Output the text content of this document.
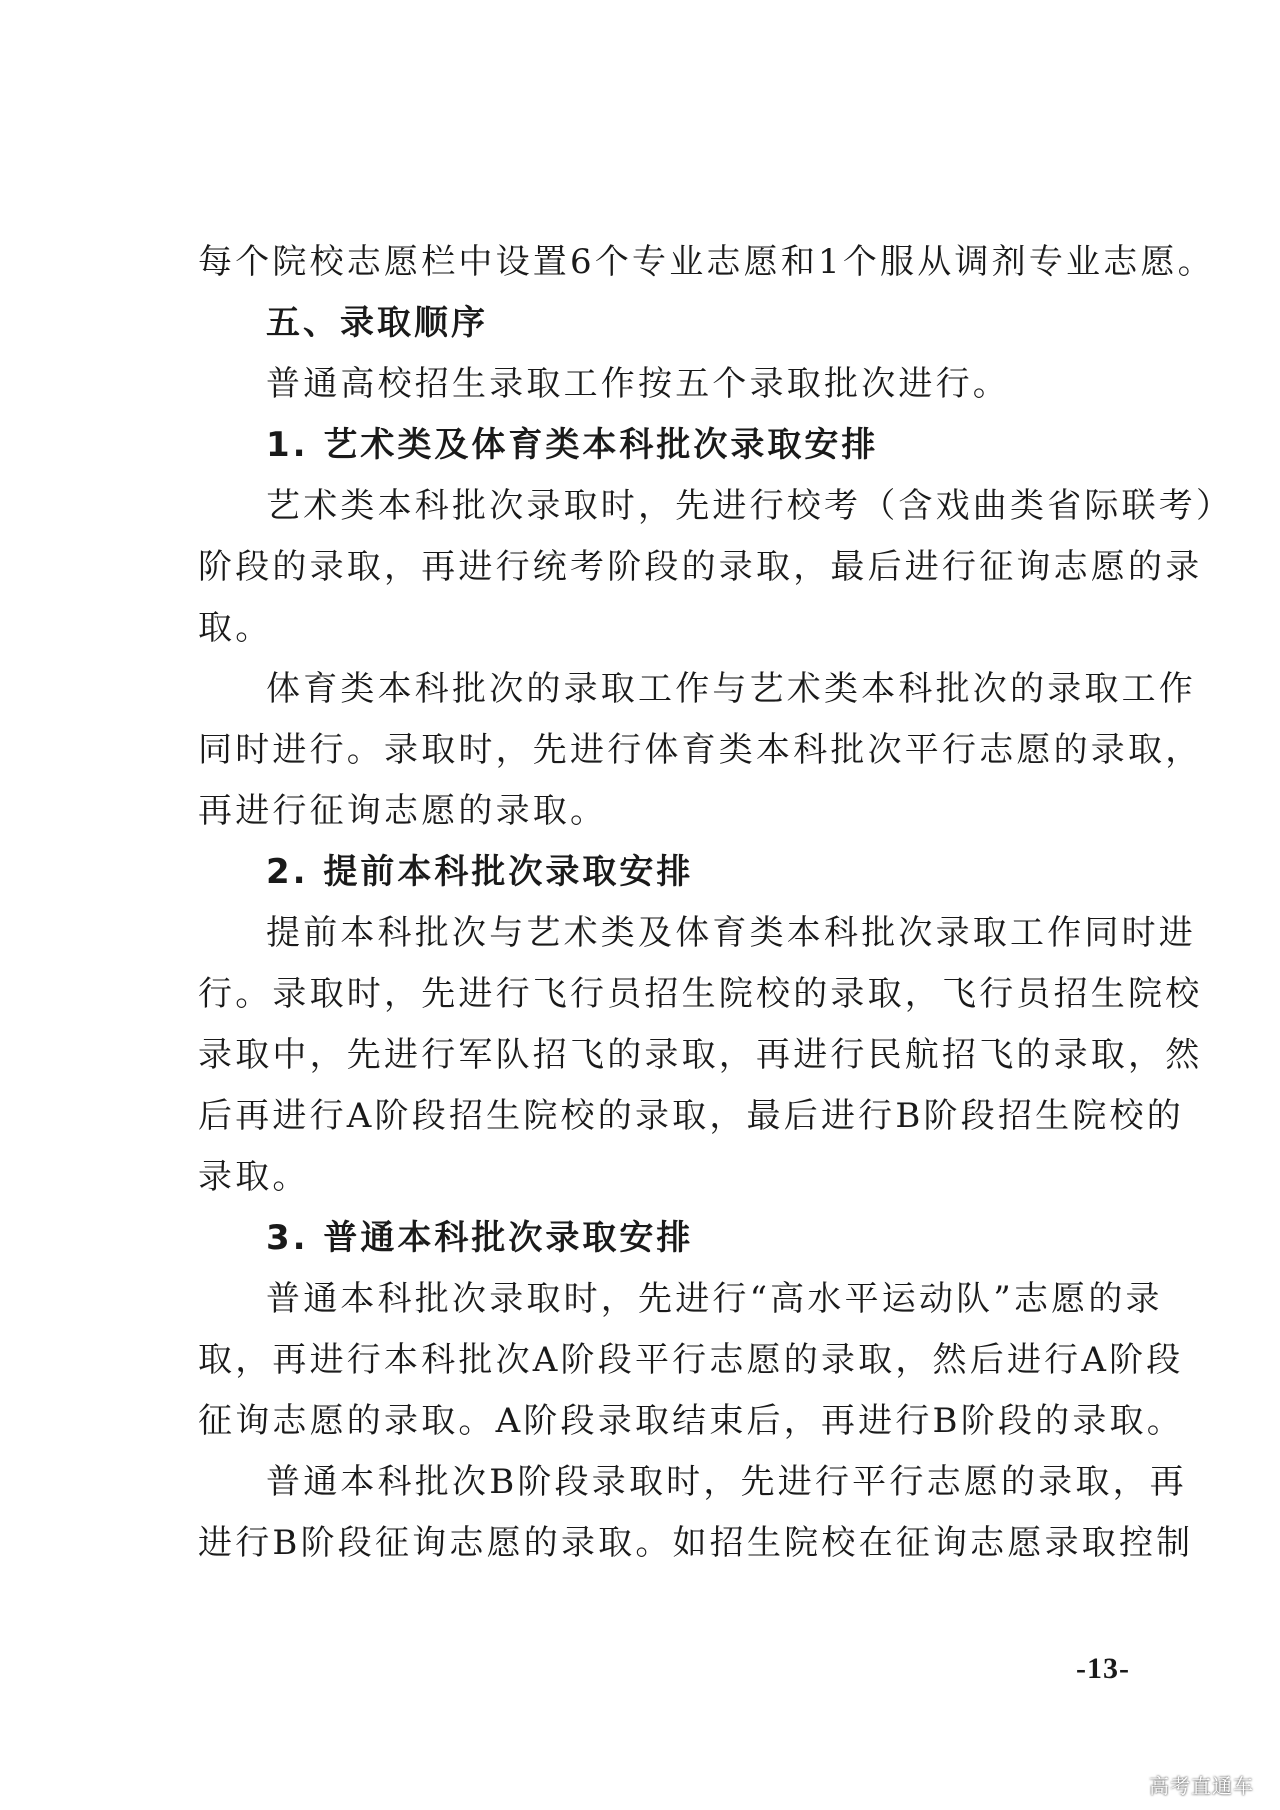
每个院校志愿栏中设置6个专业志愿和1个服从调剂专业志愿。
五、录取顺序
普通高校招生录取工作按五个录取批次进行。
1. 艺术类及体育类本科批次录取安排
艺术类本科批次录取时，先进行校考（含戏曲类省际联考）
阶段的录取，再进行统考阶段的录取，最后进行征询志愿的录
取。
体育类本科批次的录取工作与艺术类本科批次的录取工作
同时进行。录取时，先进行体育类本科批次平行志愿的录取，
再进行征询志愿的录取。
2. 提前本科批次录取安排
提前本科批次与艺术类及体育类本科批次录取工作同时进
行。录取时，先进行飞行员招生院校的录取，飞行员招生院校
录取中，先进行军队招飞的录取，再进行民航招飞的录取，然
后再进行A阶段招生院校的录取，最后进行B阶段招生院校的
录取。
3. 普通本科批次录取安排
普通本科批次录取时，先进行“高水平运动队”志愿的录
取，再进行本科批次A阶段平行志愿的录取，然后进行A阶段
征询志愿的录取。A阶段录取结束后，再进行B阶段的录取。
普通本科批次B阶段录取时，先进行平行志愿的录取，再
进行B阶段征询志愿的录取。如招生院校在征询志愿录取控制
-13-
高考直通车
